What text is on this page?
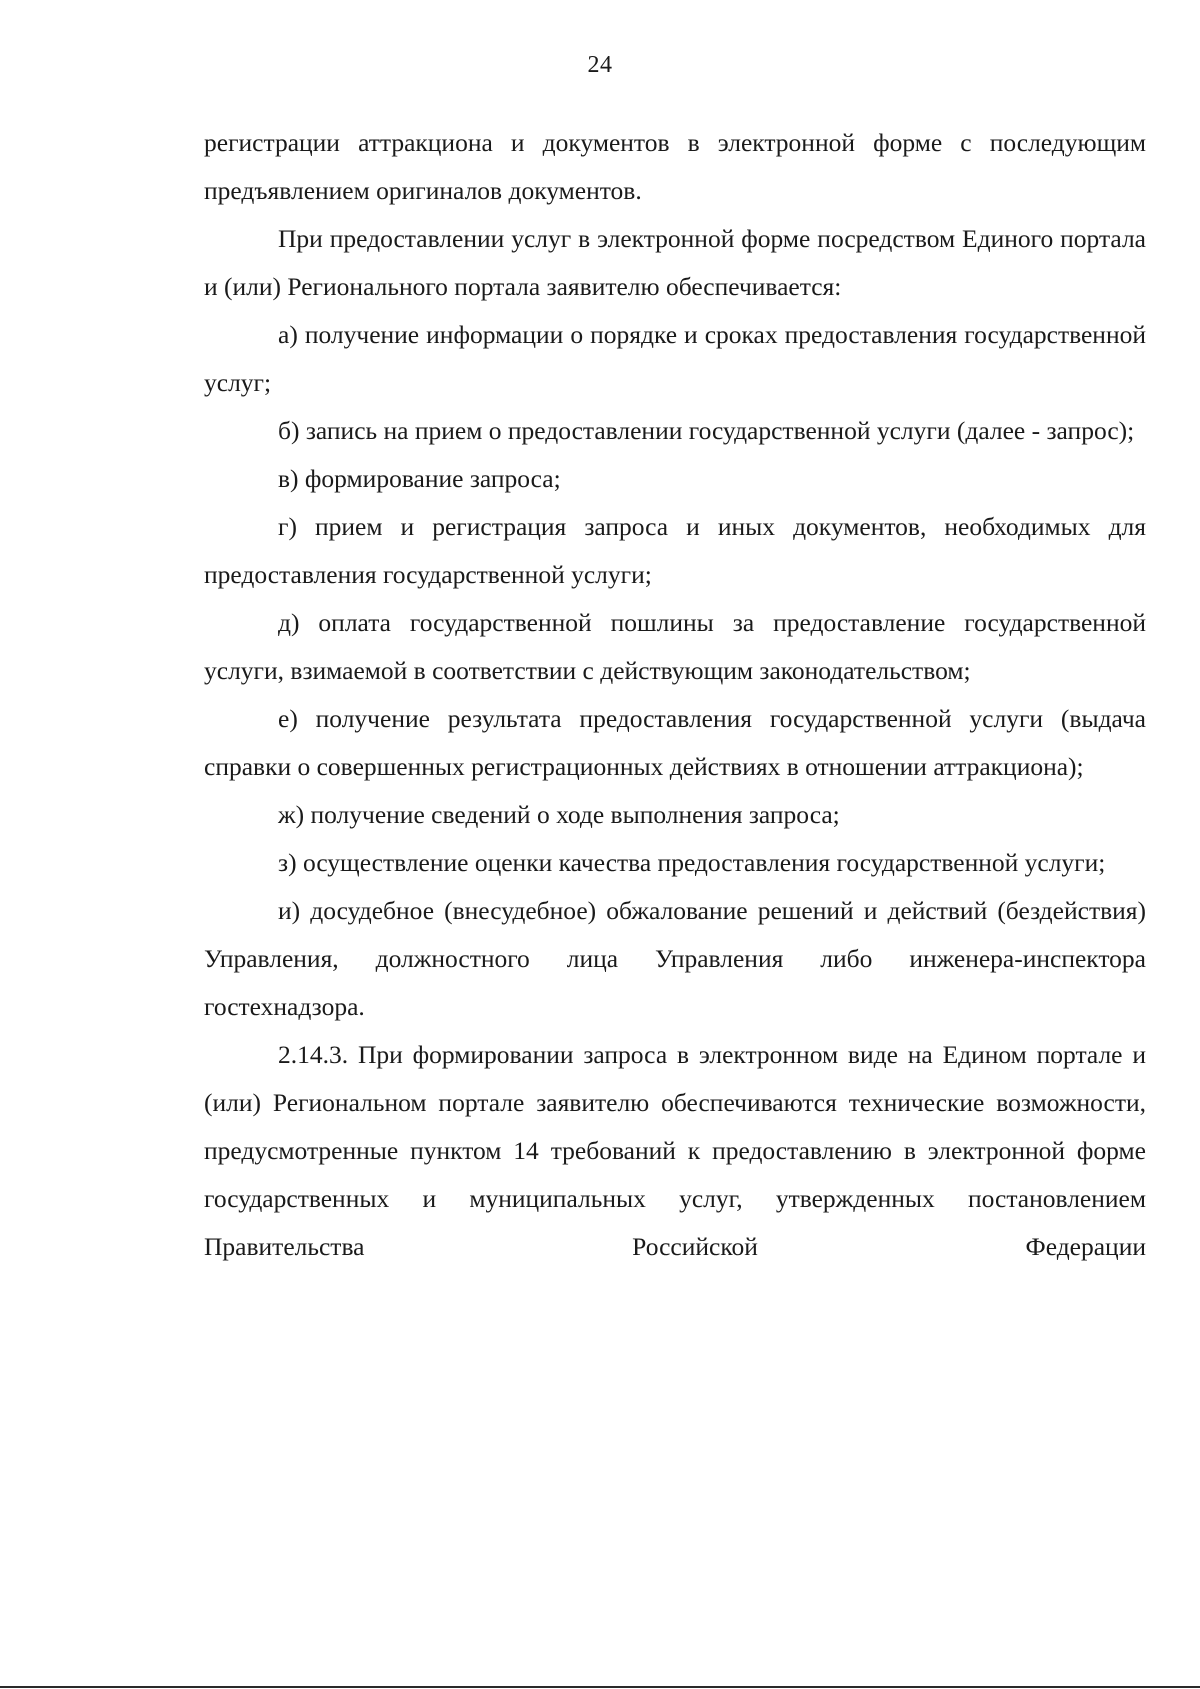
24

регистрации аттракциона и документов в электронной форме с последующим предъявлением оригиналов документов.

При предоставлении услуг в электронной форме посредством Единого портала и (или) Регионального портала заявителю обеспечивается:

а) получение информации о порядке и сроках предоставления государственной услуг;

б) запись на прием о предоставлении государственной услуги (далее - запрос);

в) формирование запроса;

г) прием и регистрация запроса и иных документов, необходимых для предоставления государственной услуги;

д) оплата государственной пошлины за предоставление государственной услуги, взимаемой в соответствии с действующим законодательством;

е) получение результата предоставления государственной услуги (выдача справки о совершенных регистрационных действиях в отношении аттракциона);

ж) получение сведений о ходе выполнения запроса;

з) осуществление оценки качества предоставления государственной услуги;

и) досудебное (внесудебное) обжалование решений и действий (бездействия) Управления, должностного лица Управления либо инженера-инспектора гостехнадзора.

2.14.3. При формировании запроса в электронном виде на Едином портале и (или) Региональном портале заявителю обеспечиваются технические возможности, предусмотренные пунктом 14 требований к предоставлению в электронной форме государственных и муниципальных услуг, утвержденных постановлением Правительства Российской Федерации
